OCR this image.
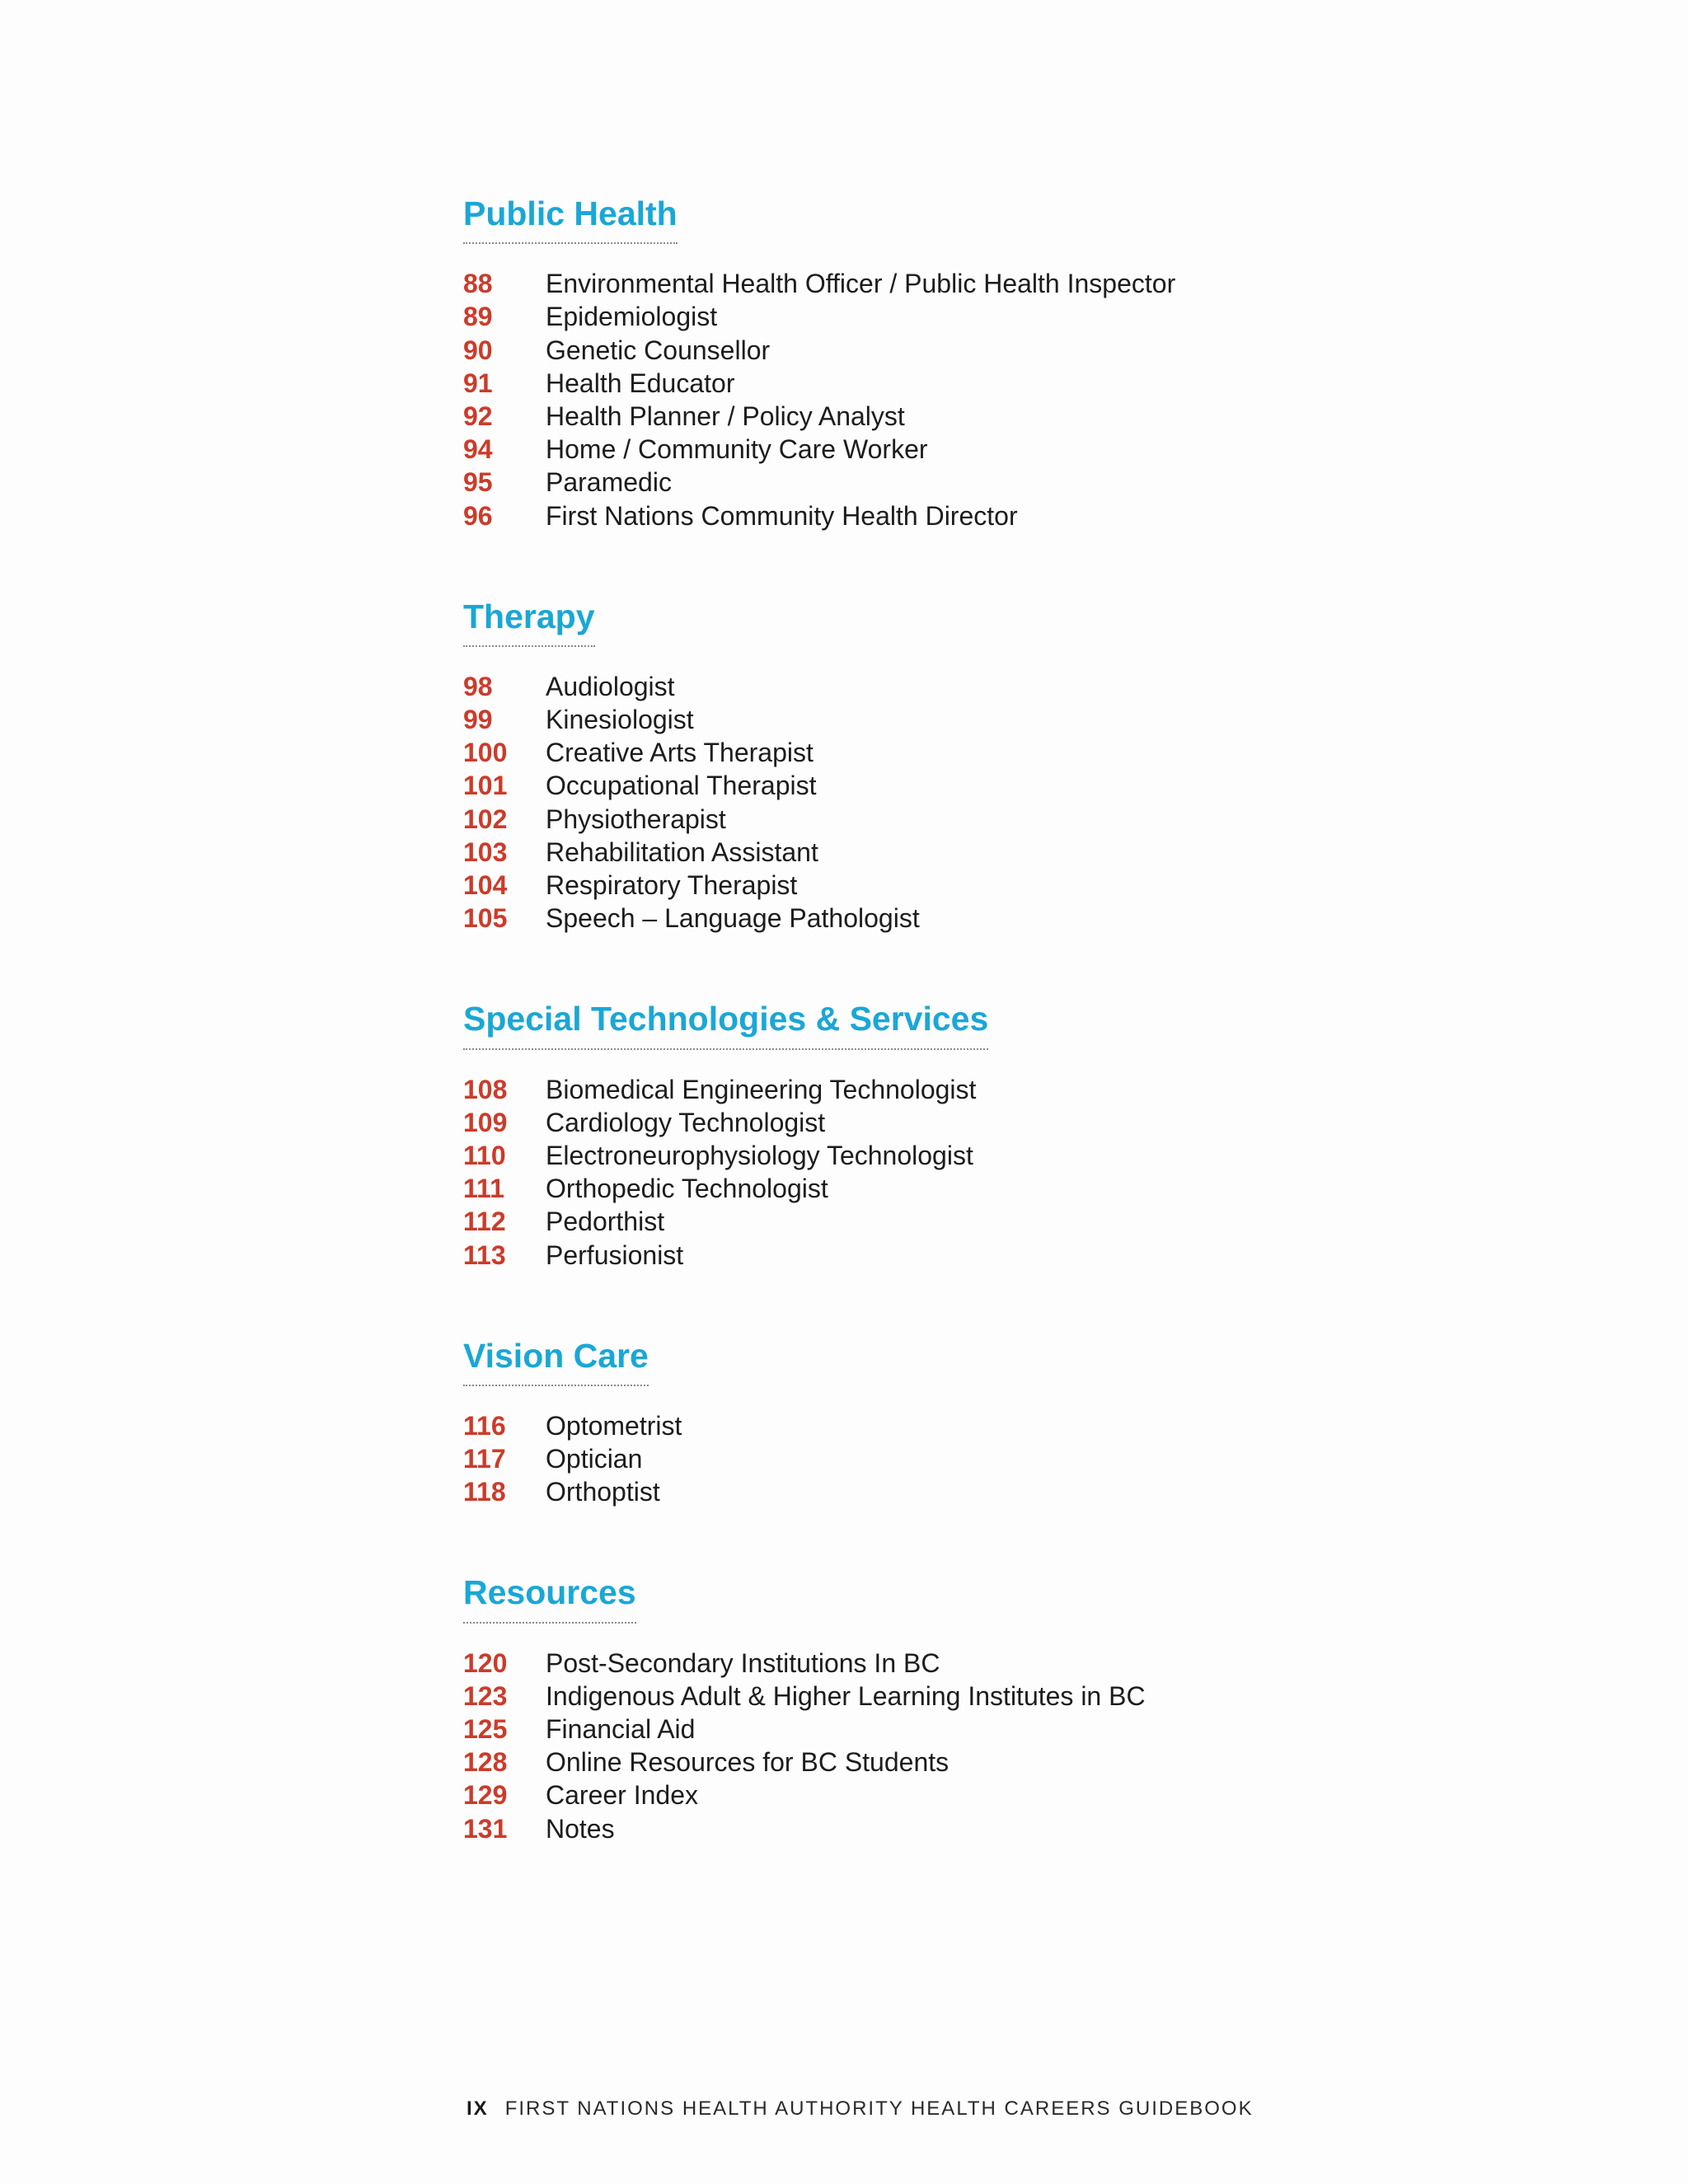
Public Health
88	Environmental Health Officer / Public Health Inspector
89	Epidemiologist
90	Genetic Counsellor
91	Health Educator
92	Health Planner / Policy Analyst
94	Home / Community Care Worker
95	Paramedic
96	First Nations Community Health Director
Therapy
98	Audiologist
99	Kinesiologist
100	Creative Arts Therapist
101	Occupational Therapist
102	Physiotherapist
103	Rehabilitation Assistant
104	Respiratory Therapist
105	Speech – Language Pathologist
Special Technologies & Services
108	Biomedical Engineering Technologist
109	Cardiology Technologist
110	Electroneurophysiology Technologist
111	Orthopedic Technologist
112	Pedorthist
113	Perfusionist
Vision Care
116	Optometrist
117	Optician
118	Orthoptist
Resources
120	Post-Secondary Institutions In BC
123	Indigenous Adult & Higher Learning Institutes in BC
125	Financial Aid
128	Online Resources for BC Students
129	Career Index
131	Notes
IX FIRST NATIONS HEALTH AUTHORITY HEALTH CAREERS GUIDEBOOK
